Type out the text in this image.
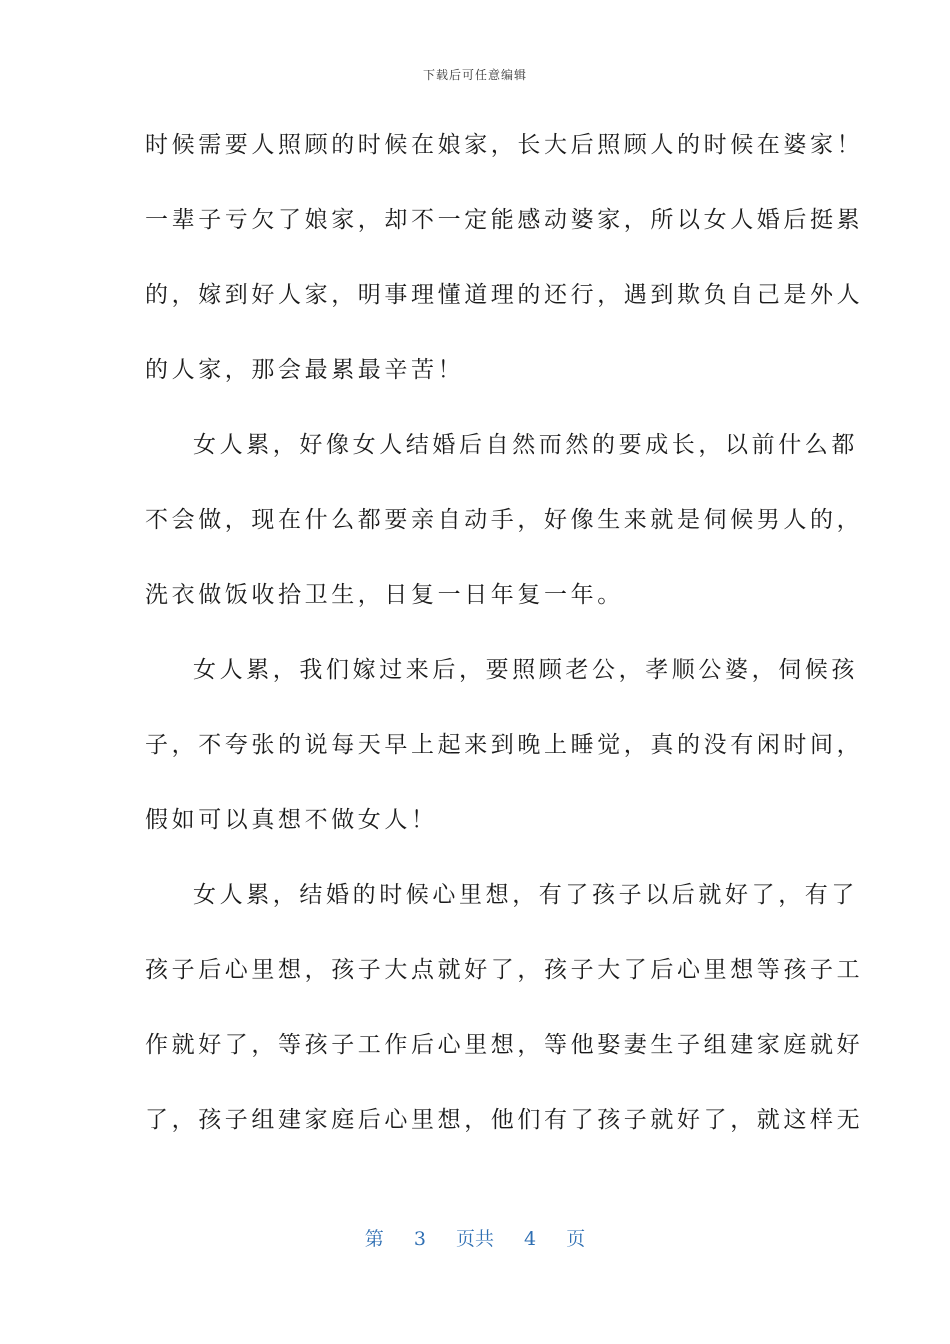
下载后可任意编辑
时候需要人照顾的时候在娘家，长大后照顾人的时候在婆家！
一辈子亏欠了娘家，却不一定能感动婆家，所以女人婚后挺累
的，嫁到好人家，明事理懂道理的还行，遇到欺负自己是外人
的人家，那会最累最辛苦！
女人累，好像女人结婚后自然而然的要成长，以前什么都
不会做，现在什么都要亲自动手，好像生来就是伺候男人的，
洗衣做饭收拾卫生，日复一日年复一年。
女人累，我们嫁过来后，要照顾老公，孝顺公婆，伺候孩
子，不夸张的说每天早上起来到晚上睡觉，真的没有闲时间，
假如可以真想不做女人！
女人累，结婚的时候心里想，有了孩子以后就好了，有了
孩子后心里想，孩子大点就好了，孩子大了后心里想等孩子工
作就好了，等孩子工作后心里想，等他娶妻生子组建家庭就好
了，孩子组建家庭后心里想，他们有了孩子就好了，就这样无
第 3 页共 4 页
